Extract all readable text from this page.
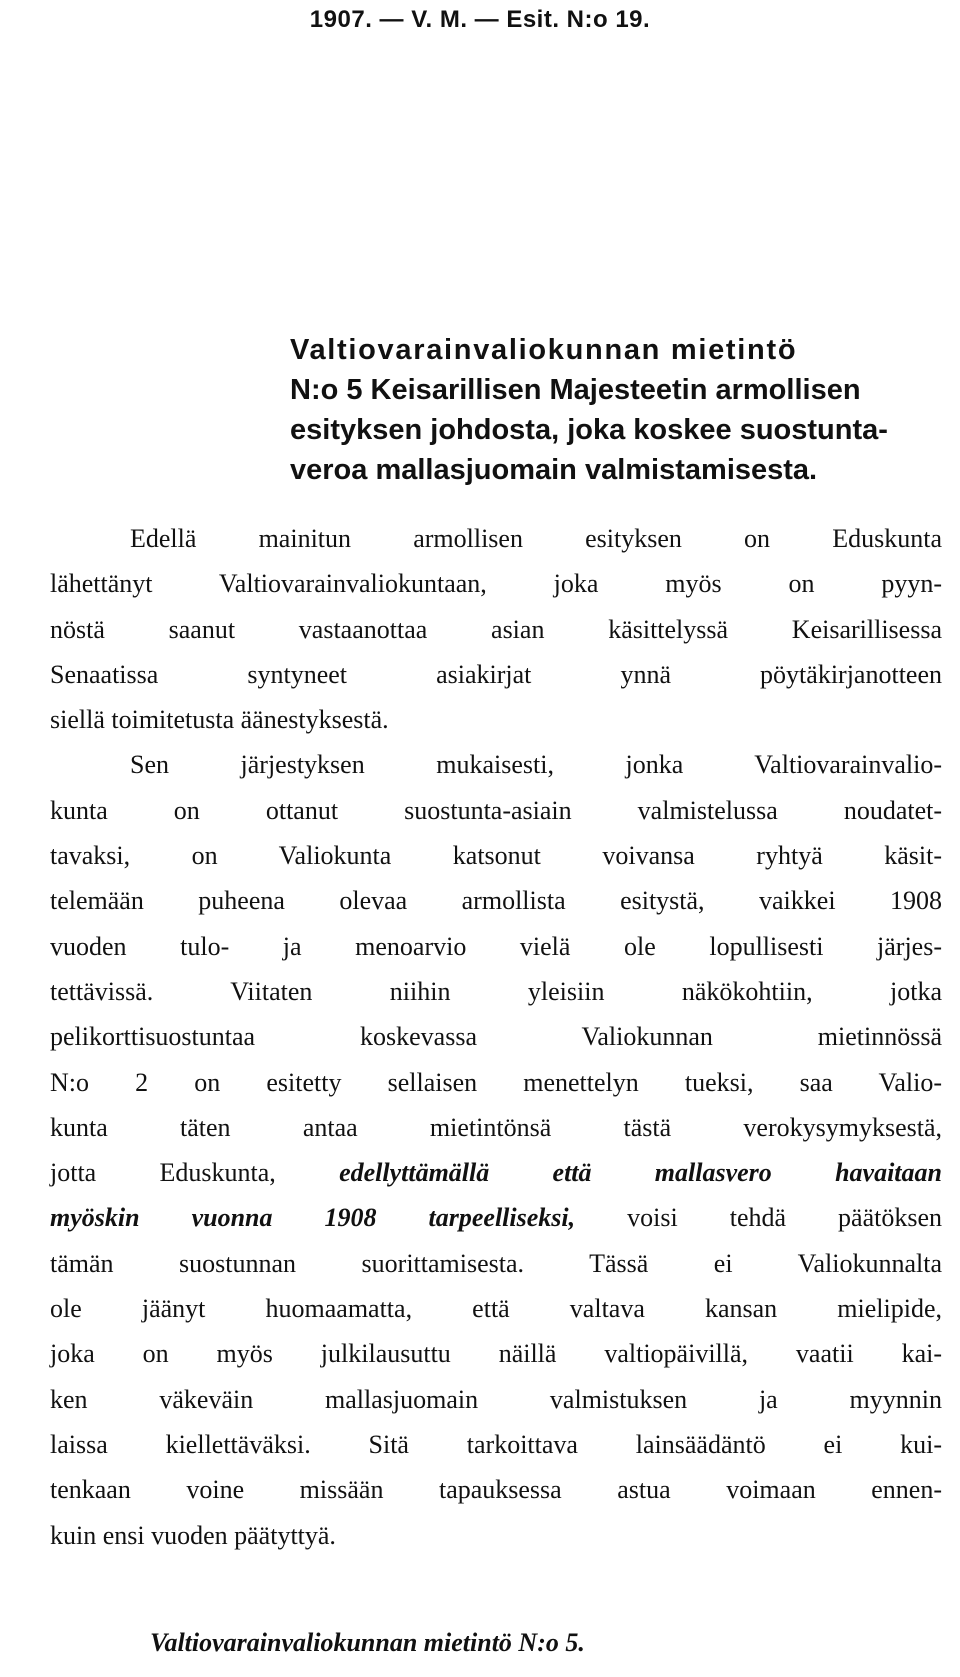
1907. — V. M. — Esit. N:o 19.
Valtiovarainvaliokunnan mietintö
N:o 5 Keisarillisen Majesteetin armollisen
esityksen johdosta, joka koskee suostunta-
veroa mallasjuomain valmistamisesta.
Edellä mainitun armollisen esityksen on Eduskunta
lähettänyt Valtiovarainvaliokuntaan, joka myös on pyyn-
nöstä saanut vastaanottaa asian käsittelyssä Keisarillisessa
Senaatissa syntyneet asiakirjat ynnä pöytäkirjanotteen
siellä toimitetusta äänestyksestä.
Sen järjestyksen mukaisesti, jonka Valtiovarainvalio-
kunta on ottanut suostunta-asiain valmistelussa noudatet-
tavaksi, on Valiokunta katsonut voivansa ryhtyä käsit-
telemään puheena olevaa armollista esitystä, vaikkei 1908
vuoden tulo- ja menoarvio vielä ole lopullisesti järjes-
tettävissä. Viitaten niihin yleisiin näkökohtiin, jotka
pelikorttisuostuntaa koskevassa Valiokunnan mietinnössä
N:o 2 on esitetty sellaisen menettelyn tueksi, saa Valio-
kunta täten antaa mietintönsä tästä verokysymyksestä,
jotta Eduskunta, edellyttämällä että mallasvero havaitaan
myöskin vuonna 1908 tarpeelliseksi, voisi tehdä päätöksen
tämän suostunnan suorittamisesta. Tässä ei Valiokunnalta
ole jäänyt huomaamatta, että valtava kansan mielipide,
joka on myös julkilausuttu näillä valtiopäivillä, vaatii kai-
ken väkeväin mallasjuomain valmistuksen ja myynnin
laissa kiellettäväksi. Sitä tarkoittava lainsäädäntö ei kui-
tenkaan voine missään tapauksessa astua voimaan ennen-
kuin ensi vuoden päätyttyä.
Valtiovarainvaliokunnan mietintö N:o 5.
